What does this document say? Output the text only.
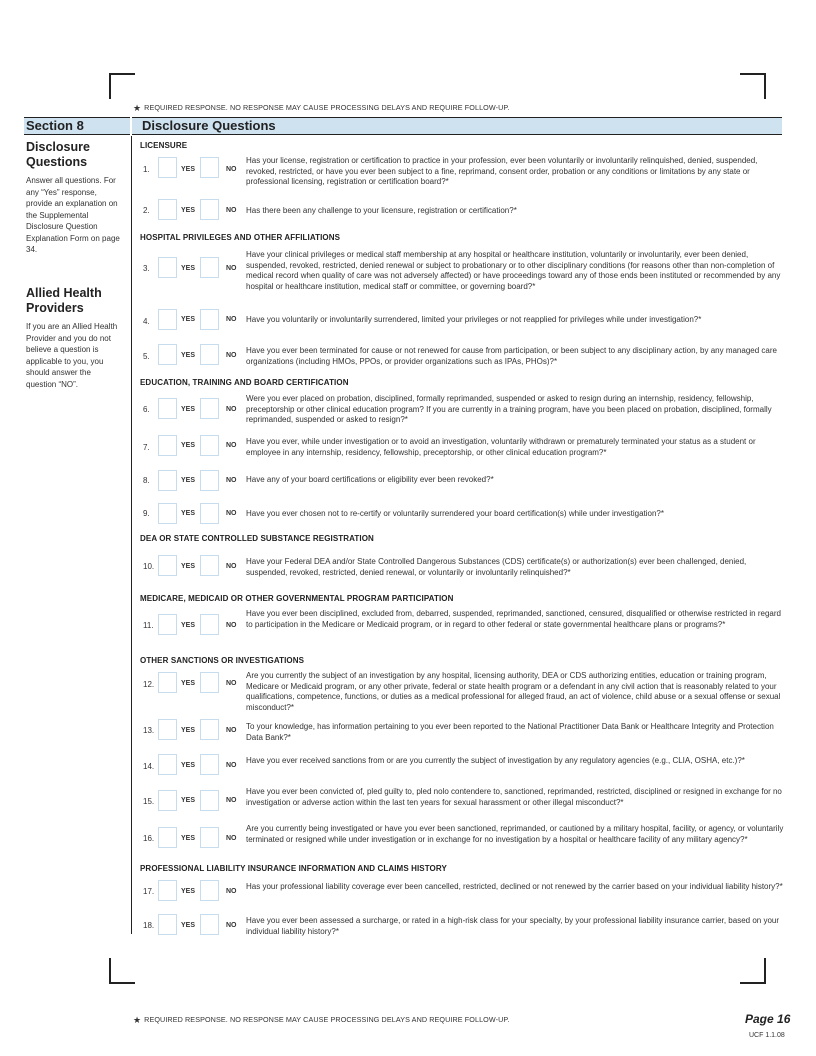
★ REQUIRED RESPONSE. NO RESPONSE MAY CAUSE PROCESSING DELAYS AND REQUIRE FOLLOW-UP.
Section 8	Disclosure Questions
Disclosure Questions
Answer all questions. For any “Yes” response, provide an explanation on the Supplemental Disclosure Question Explanation Form on page 34.
Allied Health Providers
If you are an Allied Health Provider and you do not believe a question is applicable to you, you should answer the question “NO”.
LICENSURE
HOSPITAL PRIVILEGES AND OTHER AFFILIATIONS
EDUCATION, TRAINING AND BOARD CERTIFICATION
DEA OR STATE CONTROLLED SUBSTANCE REGISTRATION
MEDICARE, MEDICAID OR OTHER GOVERNMENTAL PROGRAM PARTICIPATION
OTHER SANCTIONS OR INVESTIGATIONS
PROFESSIONAL LIABILITY INSURANCE INFORMATION AND CLAIMS HISTORY
1.	YES	NO
Has your license, registration or certification to practice in your profession, ever been voluntarily or involuntarily relinquished, denied, suspended, revoked, restricted, or have you ever been subject to a fine, reprimand, consent order, probation or any conditions or limitations by any state or professional licensing, registration or certification board?*
2.	YES	NO Has there been any challenge to your licensure, registration or certification?*
3.	YES	NO
Have your clinical privileges or medical staff membership at any hospital or healthcare institution, voluntarily or involuntarily, ever been denied, suspended, revoked, restricted, denied renewal or subject to probationary or to other disciplinary conditions (for reasons other than non-completion of medical record when quality of care was not adversely affected) or have proceedings toward any of those ends been instituted or recommended by any hospital or healthcare institution, medical staff or committee, or governing board?*
4.	YES	NO Have you voluntarily or involuntarily surrendered, limited your privileges or not reapplied for privileges while under investigation?*
5.	YES	NO
Have you ever been terminated for cause or not renewed for cause from participation, or been subject to any disciplinary action, by any managed care organizations (including HMOs, PPOs, or provider organizations such as IPAs, PHOs)?*
6.	YES	NO
Were you ever placed on probation, disciplined, formally reprimanded, suspended or asked to resign during an internship, residency, fellowship, preceptorship or other clinical education program? If you are currently in a training program, have you been placed on probation, disciplined, formally reprimanded, suspended or asked to resign?*
7.	YES	NO Have you ever, while under investigation or to avoid an investigation, voluntarily withdrawn or prematurely terminated your status as a student or employee in any internship, residency, fellowship, preceptorship, or other clinical education program?*
8.	YES	NO Have any of your board certifications or eligibility ever been revoked?*
9.	YES	NO Have you ever chosen not to re-certify or voluntarily surrendered your board certification(s) while under investigation?*
10.	YES	NO
Have your Federal DEA and/or State Controlled Dangerous Substances (CDS) certificate(s) or authorization(s) ever been challenged, denied, suspended, revoked, restricted, denied renewal, or voluntarily or involuntarily relinquished?*
11.	YES	NO
Have you ever been disciplined, excluded from, debarred, suspended, reprimanded, sanctioned, censured, disqualified or otherwise restricted in regard to participation in the Medicare or Medicaid program, or in regard to other federal or state governmental healthcare plans or programs?*
12.	YES	NO
Are you currently the subject of an investigation by any hospital, licensing authority, DEA or CDS authorizing entities, education or training program, Medicare or Medicaid program, or any other private, federal or state health program or a defendant in any civil action that is reasonably related to your qualifications, competence, functions, or duties as a medical professional for alleged fraud, an act of violence, child abuse or a sexual offense or sexual misconduct?*
13.	YES	NO To your knowledge, has information pertaining to you ever been reported to the National Practitioner Data Bank or Healthcare Integrity and Protection Data Bank?*
14.	YES	NO
Have you ever received sanctions from or are you currently the subject of investigation by any regulatory agencies (e.g., CLIA, OSHA, etc.)?*
15.	YES	NO
Have you ever been convicted of, pled guilty to, pled nolo contendere to, sanctioned, reprimanded, restricted, disciplined or resigned in exchange for no investigation or adverse action within the last ten years for sexual harassment or other illegal misconduct?*
16.	YES	NO
Are you currently being investigated or have you ever been sanctioned, reprimanded, or cautioned by a military hospital, facility, or agency, or voluntarily terminated or resigned while under investigation or in exchange for no investigation by a hospital or healthcare facility of any military agency?*
17.	YES	NO
Has your professional liability coverage ever been cancelled, restricted, declined or not renewed by the carrier based on your individual liability history?*
18.	YES	NO
Have you ever been assessed a surcharge, or rated in a high-risk class for your specialty, by your professional liability insurance carrier, based on your individual liability history?*
★ REQUIRED RESPONSE. NO RESPONSE MAY CAUSE PROCESSING DELAYS AND REQUIRE FOLLOW-UP.	Page 16
UCF 1.1.08
